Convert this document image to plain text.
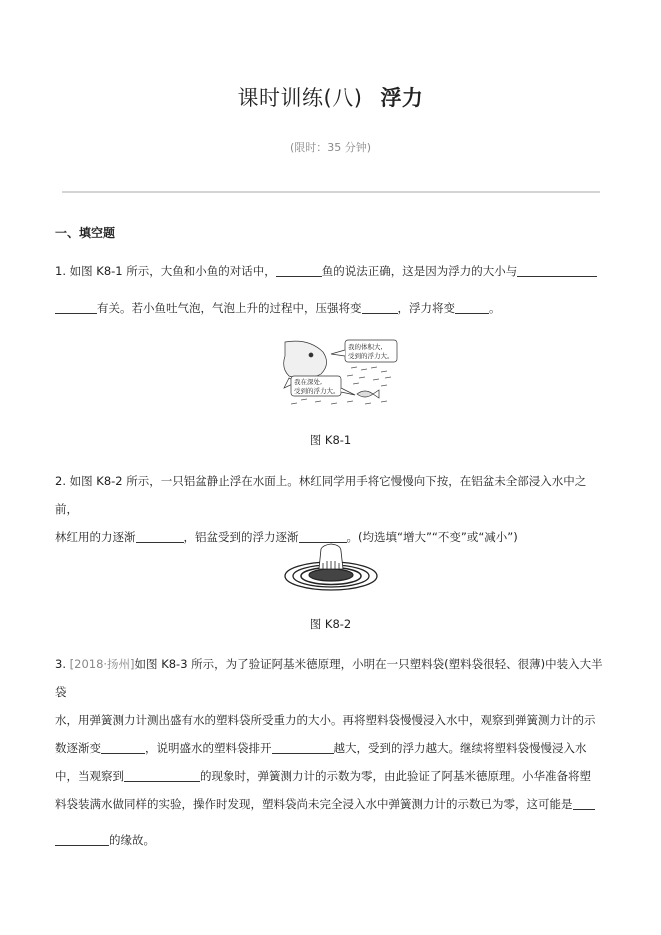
课时训练(八) 浮力
(限时：35 分钟)
一、填空题
1. 如图 K8-1 所示，大鱼和小鱼的对话中，	鱼的说法正确，这是因为浮力的大小与
有关。若小鱼吐气泡，气泡上升的过程中，压强将变	，浮力将变	。
我的体积大,
受到的浮力大。
我在深处,
受到的浮力大。
图 K8-1
2. 如图 K8-2 所示，一只铝盆静止浮在水面上。林红同学用手将它慢慢向下按，在铝盆未全部浸入水中之前，
林红用的力逐渐	，铝盆受到的浮力逐渐	。(均选填“增大”“不变”或“减小”)
图 K8-2
3. [2018·扬州]如图 K8-3 所示，为了验证阿基米德原理，小明在一只塑料袋(塑料袋很轻、很薄)中装入大半袋
水，用弹簧测力计测出盛有水的塑料袋所受重力的大小。再将塑料袋慢慢浸入水中，观察到弹簧测力计的示
数逐渐变	，说明盛水的塑料袋排开	越大，受到的浮力越大。继续将塑料袋慢慢浸入水
中，当观察到	的现象时，弹簧测力计的示数为零，由此验证了阿基米德原理。小华准备将塑
料袋装满水做同样的实验，操作时发现，塑料袋尚未完全浸入水中弹簧测力计的示数已为零，这可能是
的缘故。
